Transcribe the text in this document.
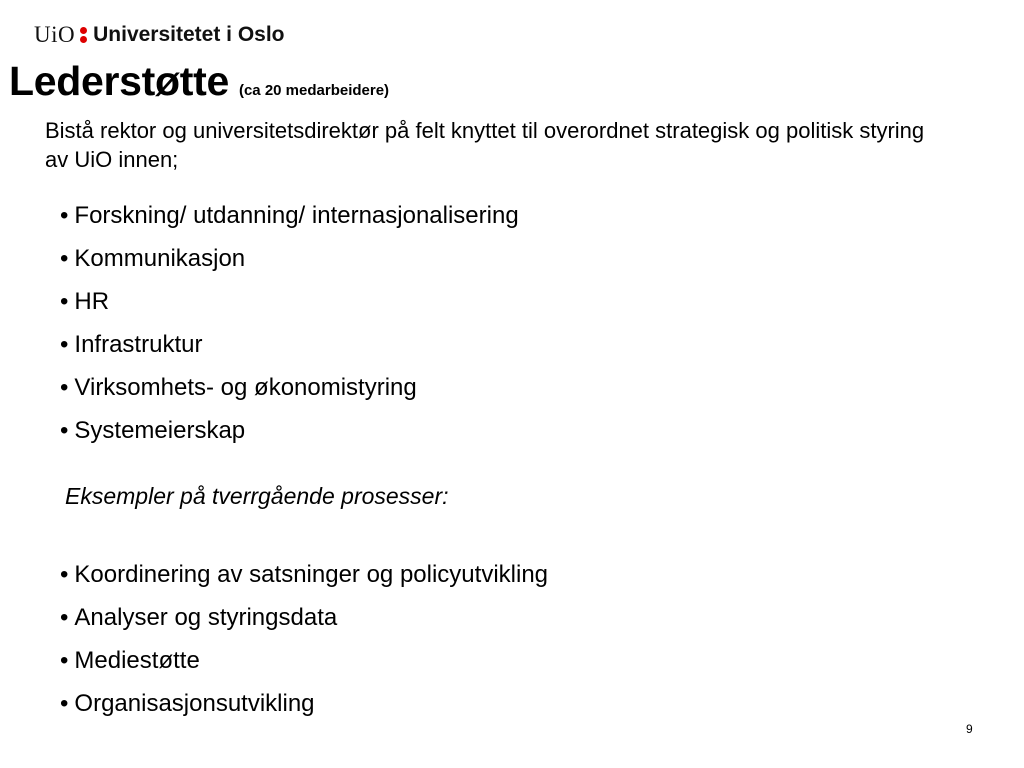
UiO Universitetet i Oslo
Lederstøtte (ca 20 medarbeidere)

Bistå rektor og universitetsdirektør på felt knyttet til overordnet strategisk og politisk styring av UiO innen;

• Forskning/ utdanning/ internasjonalisering
• Kommunikasjon
• HR
• Infrastruktur
• Virksomhets- og økonomistyring
• Systemeierskap
Eksempler på tverrgående prosesser:
• Koordinering av satsninger og policyutvikling
• Analyser og styringsdata
• Mediestøtte
• Organisasjonsutvikling
9
